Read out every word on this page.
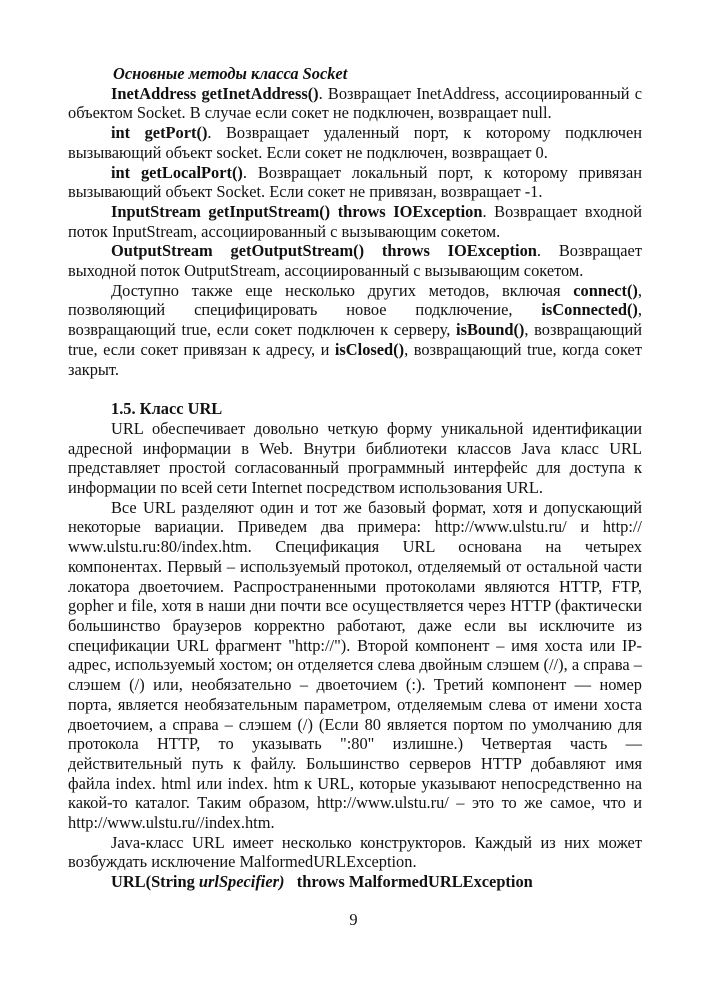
Основные методы класса Socket

InetAddress getInetAddress(). Возвращает InetAddress, ассоциированный с объектом Socket. В случае если сокет не подключен, возвращает null.

int getPort(). Возвращает удаленный порт, к которому подключен вызывающий объект socket. Если сокет не подключен, возвращает 0.

int getLocalPort(). Возвращает локальный порт, к которому привязан вызывающий объект Socket. Если сокет не привязан, возвращает -1.

InputStream getInputStream() throws IOException. Возвращает входной поток InputStream, ассоциированный с вызывающим сокетом.

OutputStream getOutputStream() throws IOException. Возвращает выходной поток OutputStream, ассоциированный с вызывающим сокетом.

Доступно также еще несколько других методов, включая connect(), позволяющий специфицировать новое подключение, isConnected(), возвращающий true, если сокет подключен к серверу, isBound(), возвращающий true, если сокет привязан к адресу, и isClosed(), возвращающий true, когда сокет закрыт.

1.5. Класс URL

URL обеспечивает довольно четкую форму уникальной идентификации адресной информации в Web. Внутри библиотеки классов Java класс URL представляет простой согласованный программный интерфейс для доступа к информации по всей сети Internet посредством использования URL.

Все URL разделяют один и тот же базовый формат, хотя и допускающий некоторые вариации. Приведем два примера: http://www.ulstu.ru/ и http:// www.ulstu.ru:80/index.htm. Спецификация URL основана на четырех компонентах. Первый – используемый протокол, отделяемый от остальной части локатора двоеточием. Распространенными протоколами являются HTTP, FTP, gopher и file, хотя в наши дни почти все осуществляется через HTTP (фактически большинство браузеров корректно работают, даже если вы исключите из спецификации URL фрагмент "http://"). Второй компонент – имя хоста или IP-адрес, используемый хостом; он отделяется слева двойным слэшем (//), а справа – слэшем (/) или, необязательно – двоеточием (:). Третий компонент — номер порта, является необязательным параметром, отделяемым слева от имени хоста двоеточием, а справа – слэшем (/) (Если 80 является портом по умолчанию для протокола HTTP, то указывать ":80" излишне.) Четвертая часть — действительный путь к файлу. Большинство серверов HTTP добавляют имя файла index. html или index. htm к URL, которые указывают непосредственно на какой-то каталог. Таким образом, http://www.ulstu.ru/ – это то же самое, что и http://www.ulstu.ru//index.htm.

Java-класс URL имеет несколько конструкторов. Каждый из них может возбуждать исключение MalformedURLException.

URL(String urlSpecifier)   throws MalformedURLException

9
